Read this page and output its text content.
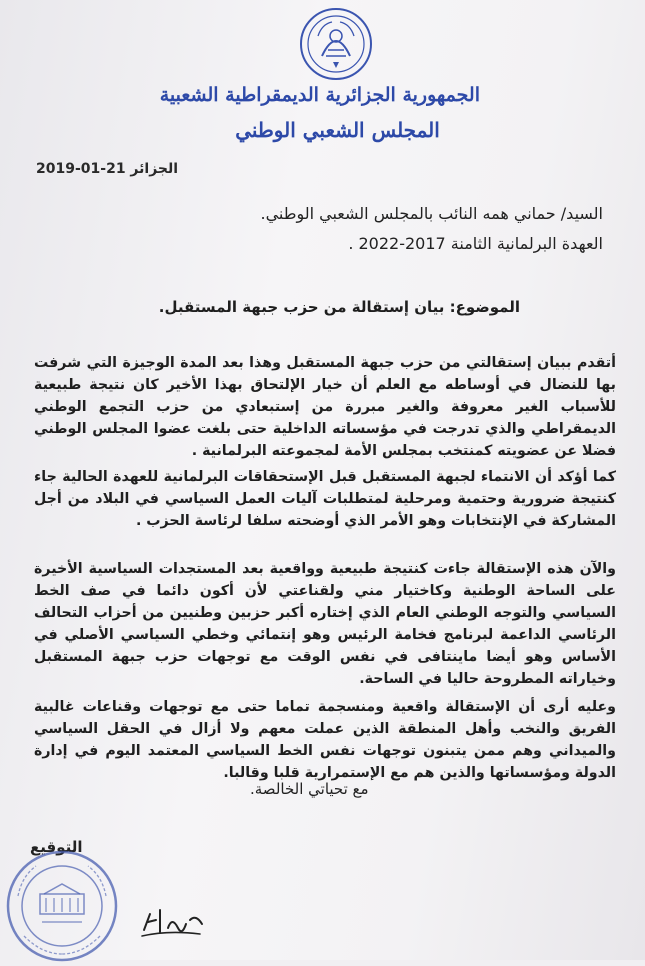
الجمهورية الجزائرية الديمقراطية الشعبية
المجلس الشعبي الوطني
الجزائر 21-01-2019
السيد/ حماني همه النائب بالمجلس الشعبي الوطني.
العهدة البرلمانية الثامنة 2017-2022 .
الموضوع: بيان إستقالة من حزب جبهة المستقبل.
أتقدم ببيان إستقالتي من حزب جبهة المستقبل وهذا بعد المدة الوجيزة التي شرفت بها للنضال في أوساطه مع العلم أن خيار الإلتحاق بهذا الأخير كان نتيجة طبيعية للأسباب الغير معروفة والغير مبررة من إستبعادي من حزب التجمع الوطني الديمقراطي والذي تدرجت في مؤسساته الداخلية حتى بلغت عضوا المجلس الوطني فضلا عن عضويته كمنتخب بمجلس الأمة لمجموعته البرلمانية .
كما أؤكد أن الانتماء لجبهة المستقبل قبل الإستحقاقات البرلمانية للعهدة الحالية جاء كنتيجة ضرورية وحتمية ومرحلية لمتطلبات آليات العمل السياسي في البلاد من أجل المشاركة في الإنتخابات وهو الأمر الذي أوضحته سلفا لرئاسة الحزب .
والآن هذه الإستقالة جاءت كنتيجة طبيعية وواقعية بعد المستجدات السياسية الأخيرة على الساحة الوطنية وكاختيار مني ولقناعتي لأن أكون دائما في صف الخط السياسي والتوجه الوطني العام الذي إختاره أكبر حزبين وطنيين من أحزاب التحالف الرئاسي الداعمة لبرنامج فخامة الرئيس وهو إنتمائي وخطي السياسي الأصلي في الأساس وهو أيضا ماينتافى في نفس الوقت مع توجهات حزب جبهة المستقبل وخياراته المطروحة حاليا في الساحة.
وعليه أرى أن الإستقالة واقعية ومنسجمة تماما حتى مع توجهات وقناعات غالبية الفريق والنخب وأهل المنطقة الذين عملت معهم ولا أزال في الحقل السياسي والميداني وهم ممن يتبنون توجهات نفس الخط السياسي المعتمد اليوم في إدارة الدولة ومؤسساتها والذين هم مع الإستمرارية قلبا وقالبا.
مع تحياتي الخالصة.
التوقيع
